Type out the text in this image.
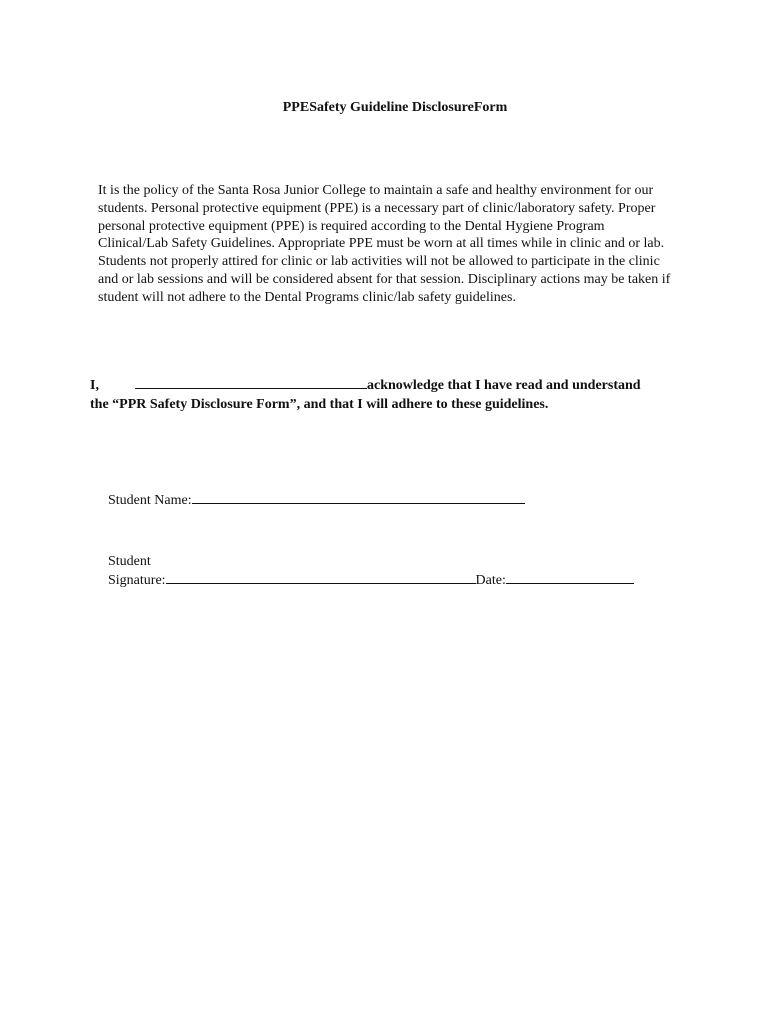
PPESafety Guideline DisclosureForm

It is the policy of the Santa Rosa Junior College to maintain a safe and healthy environment for our students. Personal protective equipment (PPE) is a necessary part of clinic/laboratory safety. Proper personal protective equipment (PPE) is required according to the Dental Hygiene Program Clinical/Lab Safety Guidelines. Appropriate PPE must be worn at all times while in clinic and or lab. Students not properly attired for clinic or lab activities will not be allowed to participate in the clinic and or lab sessions and will be considered absent for that session. Disciplinary actions may be taken if student will not adhere to the Dental Programs clinic/lab safety guidelines.

I,	acknowledge that I have read and understand
the “PPR Safety Disclosure Form”, and that I will adhere to these guidelines.
Student Name:
Student
Signature:	Date:
